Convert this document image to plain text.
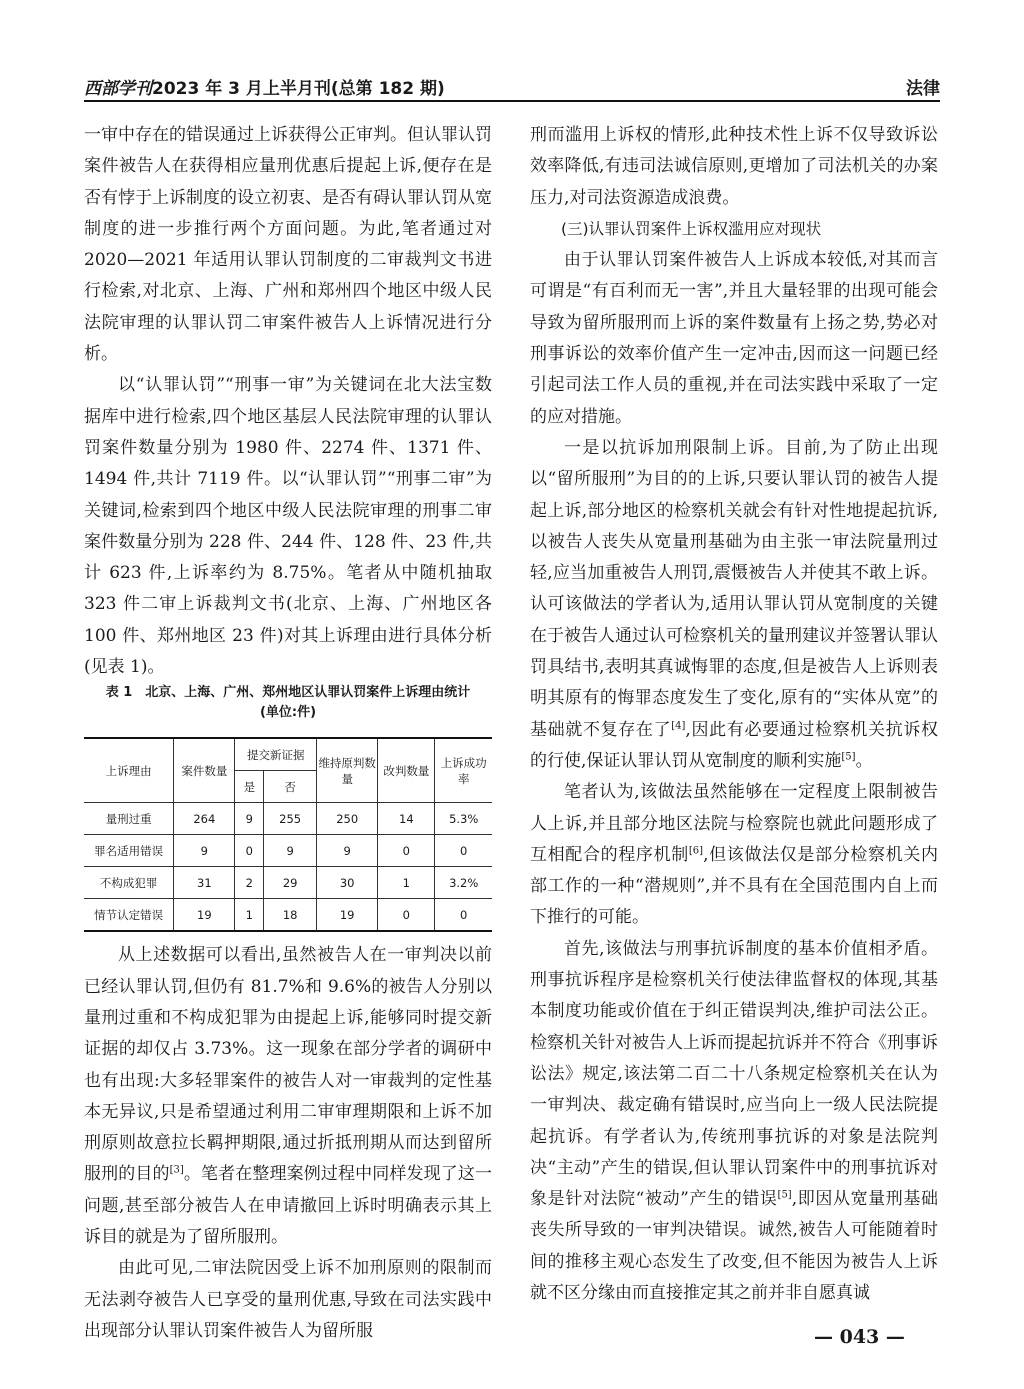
西部学刊2023 年 3 月上半月刊(总第 182 期)	法律

一审中存在的错误通过上诉获得公正审判。但认罪认罚案件被告人在获得相应量刑优惠后提起上诉,便存在是否有悖于上诉制度的设立初衷、是否有碍认罪认罚从宽制度的进一步推行两个方面问题。为此,笔者通过对 2020—2021 年适用认罪认罚制度的二审裁判文书进行检索,对北京、上海、广州和郑州四个地区中级人民法院审理的认罪认罚二审案件被告人上诉情况进行分析。

以“认罪认罚”“刑事一审”为关键词在北大法宝数据库中进行检索,四个地区基层人民法院审理的认罪认罚案件数量分别为 1980 件、2274 件、1371 件、1494 件,共计 7119 件。以“认罪认罚”“刑事二审”为关键词,检索到四个地区中级人民法院审理的刑事二审案件数量分别为 228 件、244 件、128 件、23 件,共计 623 件,上诉率约为 8.75%。笔者从中随机抽取 323 件二审上诉裁判文书(北京、上海、广州地区各 100 件、郑州地区 23 件)对其上诉理由进行具体分析(见表 1)。

表 1　北京、上海、广州、郑州地区认罪认罚案件上诉理由统计

(单位:件)

上诉理由	案件数量	提交新证据		维持原判数量	改判数量	上诉成功率
		是	否			
量刑过重	264	9	255	250	14	5.3%
罪名适用错误	9	0	9	9	0	0
不构成犯罪	31	2	29	30	1	3.2%
情节认定错误	19	1	18	19	0	0

从上述数据可以看出,虽然被告人在一审判决以前已经认罪认罚,但仍有 81.7%和 9.6%的被告人分别以量刑过重和不构成犯罪为由提起上诉,能够同时提交新证据的却仅占 3.73%。这一现象在部分学者的调研中也有出现:大多轻罪案件的被告人对一审裁判的定性基本无异议,只是希望通过利用二审审理期限和上诉不加刑原则故意拉长羁押期限,通过折抵刑期从而达到留所服刑的目的[3]。笔者在整理案例过程中同样发现了这一问题,甚至部分被告人在申请撤回上诉时明确表示其上诉目的就是为了留所服刑。

由此可见,二审法院因受上诉不加刑原则的限制而无法剥夺被告人已享受的量刑优惠,导致在司法实践中出现部分认罪认罚案件被告人为留所服

刑而滥用上诉权的情形,此种技术性上诉不仅导致诉讼效率降低,有违司法诚信原则,更增加了司法机关的办案压力,对司法资源造成浪费。

(三)认罪认罚案件上诉权滥用应对现状

由于认罪认罚案件被告人上诉成本较低,对其而言可谓是“有百利而无一害”,并且大量轻罪的出现可能会导致为留所服刑而上诉的案件数量有上扬之势,势必对刑事诉讼的效率价值产生一定冲击,因而这一问题已经引起司法工作人员的重视,并在司法实践中采取了一定的应对措施。

一是以抗诉加刑限制上诉。目前,为了防止出现以“留所服刑”为目的的上诉,只要认罪认罚的被告人提起上诉,部分地区的检察机关就会有针对性地提起抗诉,以被告人丧失从宽量刑基础为由主张一审法院量刑过轻,应当加重被告人刑罚,震慑被告人并使其不敢上诉。认可该做法的学者认为,适用认罪认罚从宽制度的关键在于被告人通过认可检察机关的量刑建议并签署认罪认罚具结书,表明其真诚悔罪的态度,但是被告人上诉则表明其原有的悔罪态度发生了变化,原有的“实体从宽”的基础就不复存在了[4],因此有必要通过检察机关抗诉权的行使,保证认罪认罚从宽制度的顺利实施[5]。

笔者认为,该做法虽然能够在一定程度上限制被告人上诉,并且部分地区法院与检察院也就此问题形成了互相配合的程序机制[6],但该做法仅是部分检察机关内部工作的一种“潜规则”,并不具有在全国范围内自上而下推行的可能。

首先,该做法与刑事抗诉制度的基本价值相矛盾。刑事抗诉程序是检察机关行使法律监督权的体现,其基本制度功能或价值在于纠正错误判决,维护司法公正。检察机关针对被告人上诉而提起抗诉并不符合《刑事诉讼法》规定,该法第二百二十八条规定检察机关在认为一审判决、裁定确有错误时,应当向上一级人民法院提起抗诉。有学者认为,传统刑事抗诉的对象是法院判决“主动”产生的错误,但认罪认罚案件中的刑事抗诉对象是针对法院“被动”产生的错误[5],即因从宽量刑基础丧失所导致的一审判决错误。诚然,被告人可能随着时间的推移主观心态发生了改变,但不能因为被告人上诉就不区分缘由而直接推定其之前并非自愿真诚

— 043 —
